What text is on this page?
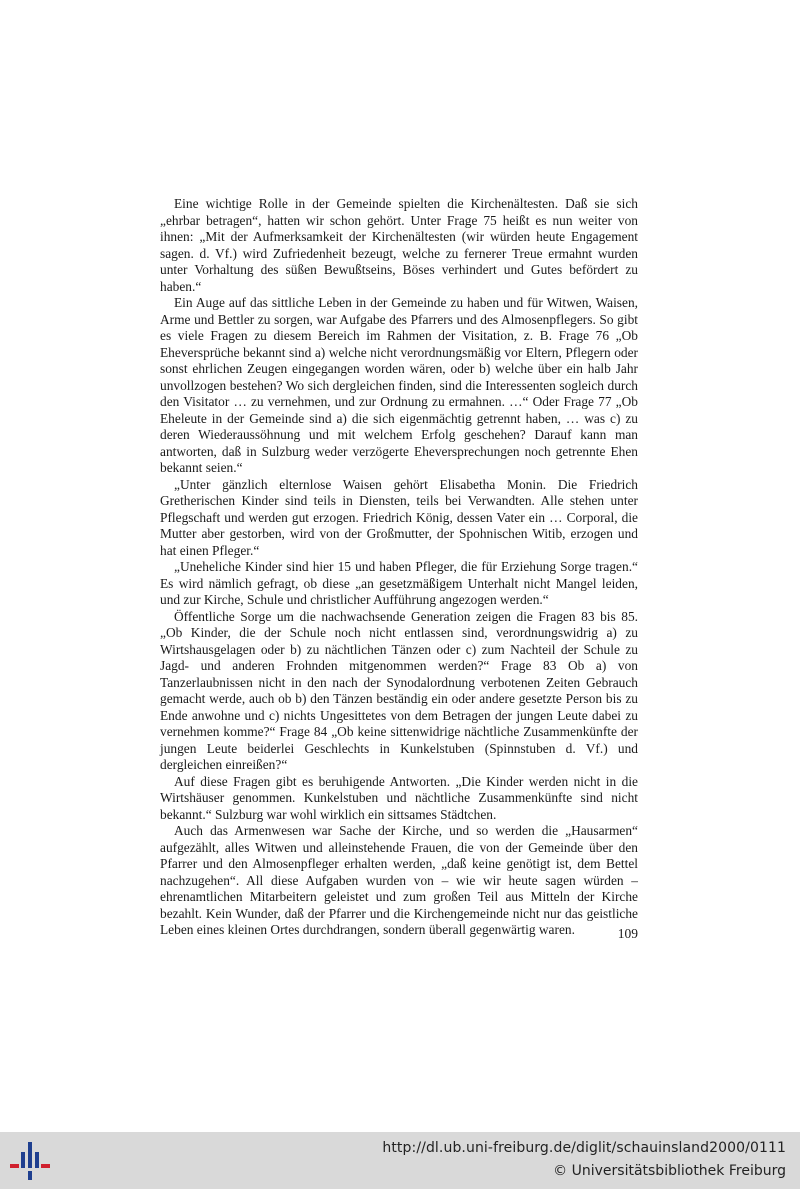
Eine wichtige Rolle in der Gemeinde spielten die Kirchenältesten. Daß sie sich „ehrbar betragen“, hatten wir schon gehört. Unter Frage 75 heißt es nun weiter von ihnen: „Mit der Aufmerksamkeit der Kirchenältesten (wir würden heute Engagement sagen. d. Vf.) wird Zufriedenheit bezeugt, welche zu fernerer Treue ermahnt wurden unter Vorhaltung des süßen Bewußtseins, Böses verhindert und Gutes befördert zu haben.“

Ein Auge auf das sittliche Leben in der Gemeinde zu haben und für Witwen, Waisen, Arme und Bettler zu sorgen, war Aufgabe des Pfarrers und des Almosenpflegers. So gibt es viele Fragen zu diesem Bereich im Rahmen der Visitation, z. B. Frage 76 „Ob Eheversprüche bekannt sind a) welche nicht verordnungsmäßig vor Eltern, Pflegern oder sonst ehrlichen Zeugen eingegangen worden wären, oder b) welche über ein halb Jahr unvollzogen bestehen? Wo sich dergleichen finden, sind die Interessenten sogleich durch den Visitator … zu vernehmen, und zur Ordnung zu ermahnen. …“ Oder Frage 77 „Ob Eheleute in der Gemeinde sind a) die sich eigenmächtig getrennt haben, … was c) zu deren Wiederaussöhnung und mit welchem Erfolg geschehen? Darauf kann man antworten, daß in Sulzburg weder verzögerte Eheversprechungen noch getrennte Ehen bekannt seien.“

„Unter gänzlich elternlose Waisen gehört Elisabetha Monin. Die Friedrich Gretherischen Kinder sind teils in Diensten, teils bei Verwandten. Alle stehen unter Pflegschaft und werden gut erzogen. Friedrich König, dessen Vater ein … Corporal, die Mutter aber gestorben, wird von der Großmutter, der Spohnischen Witib, erzogen und hat einen Pfleger.“

„Uneheliche Kinder sind hier 15 und haben Pfleger, die für Erziehung Sorge tragen.“ Es wird nämlich gefragt, ob diese „an gesetzmäßigem Unterhalt nicht Mangel leiden, und zur Kirche, Schule und christlicher Aufführung angezogen werden.“

Öffentliche Sorge um die nachwachsende Generation zeigen die Fragen 83 bis 85. „Ob Kinder, die der Schule noch nicht entlassen sind, verordnungswidrig a) zu Wirtshausgelagen oder b) zu nächtlichen Tänzen oder c) zum Nachteil der Schule zu Jagd- und anderen Frohnden mitgenommen werden?“ Frage 83 Ob a) von Tanzerlaubnissen nicht in den nach der Synodalordnung verbotenen Zeiten Gebrauch gemacht werde, auch ob b) den Tänzen beständig ein oder andere gesetzte Person bis zu Ende anwohne und c) nichts Ungesittetes von dem Betragen der jungen Leute dabei zu vernehmen komme?“ Frage 84 „Ob keine sittenwidrige nächtliche Zusammenkünfte der jungen Leute beiderlei Geschlechts in Kunkelstuben (Spinnstuben d. Vf.) und dergleichen einreißen?“

Auf diese Fragen gibt es beruhigende Antworten. „Die Kinder werden nicht in die Wirtshäuser genommen. Kunkelstuben und nächtliche Zusammenkünfte sind nicht bekannt.“ Sulzburg war wohl wirklich ein sittsames Städtchen.

Auch das Armenwesen war Sache der Kirche, und so werden die „Hausarmen“ aufgezählt, alles Witwen und alleinstehende Frauen, die von der Gemeinde über den Pfarrer und den Almosenpfleger erhalten werden, „daß keine genötigt ist, dem Bettel nachzugehen“. All diese Aufgaben wurden von – wie wir heute sagen würden – ehrenamtlichen Mitarbeitern geleistet und zum großen Teil aus Mitteln der Kirche bezahlt. Kein Wunder, daß der Pfarrer und die Kirchengemeinde nicht nur das geistliche Leben eines kleinen Ortes durchdrangen, sondern überall gegenwärtig waren.	109
http://dl.ub.uni-freiburg.de/diglit/schauinsland2000/0111
© Universitätsbibliothek Freiburg
